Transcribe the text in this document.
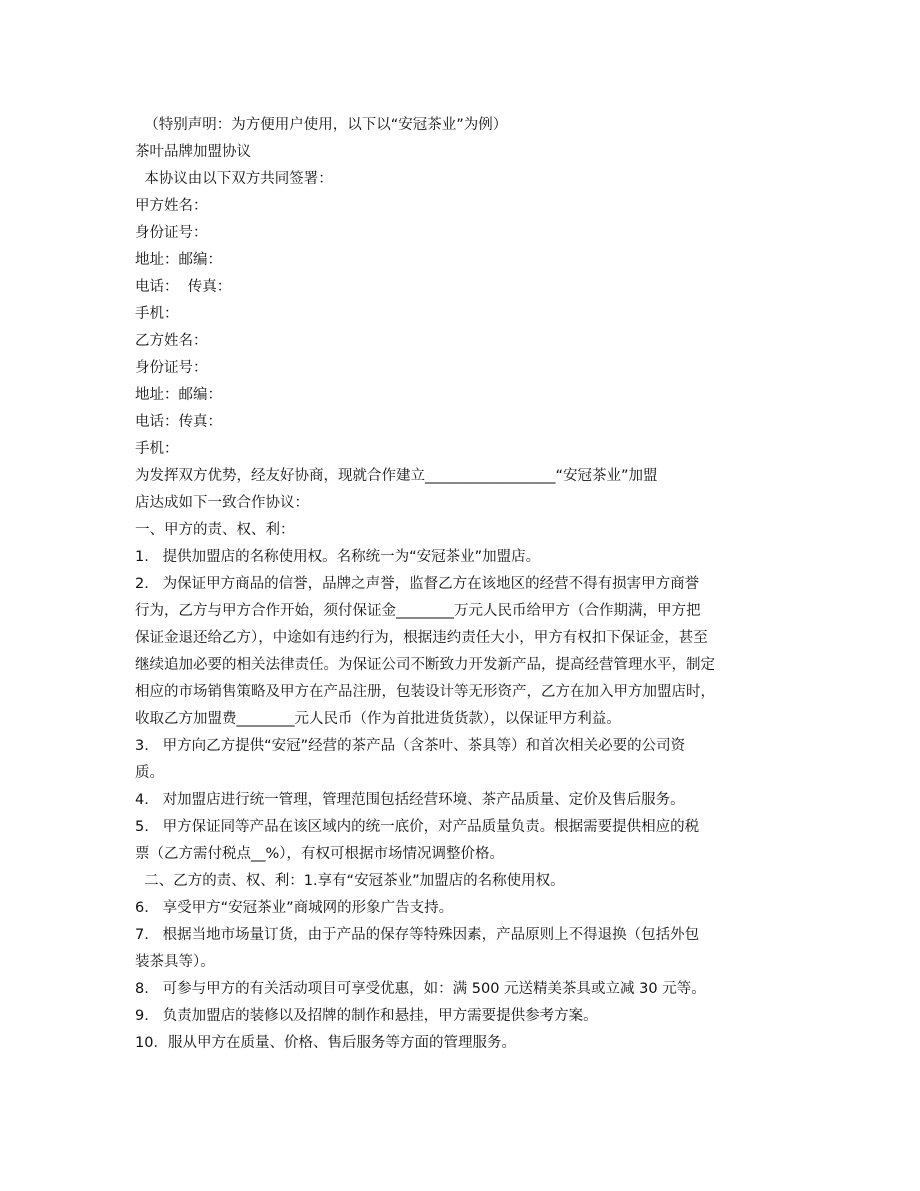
（特别声明：为方便用户使用，以下以“安冠茶业”为例）
茶叶品牌加盟协议
本协议由以下双方共同签署：
甲方姓名：
身份证号：
地址：邮编：
电话：  传真：
手机：
乙方姓名：
身份证号：
地址：邮编：
电话：传真：
手机：
为发挥双方优势，经友好协商，现就合作建立__________________“安冠茶业”加盟
店达成如下一致合作协议：
一、甲方的责、权、利：
1.   提供加盟店的名称使用权。名称统一为“安冠茶业”加盟店。
2.   为保证甲方商品的信誉，品牌之声誉，监督乙方在该地区的经营不得有损害甲方商誉
行为，乙方与甲方合作开始，须付保证金________万元人民币给甲方（合作期满，甲方把
保证金退还给乙方），中途如有违约行为，根据违约责任大小，甲方有权扣下保证金，甚至
继续追加必要的相关法律责任。为保证公司不断致力开发新产品，提高经营管理水平，制定
相应的市场销售策略及甲方在产品注册，包装设计等无形资产，乙方在加入甲方加盟店时，
收取乙方加盟费________元人民币（作为首批进货货款），以保证甲方利益。
3.   甲方向乙方提供“安冠”经营的茶产品（含茶叶、茶具等）和首次相关必要的公司资
质。
4.   对加盟店进行统一管理，管理范围包括经营环境、茶产品质量、定价及售后服务。
5.   甲方保证同等产品在该区域内的统一底价，对产品质量负责。根据需要提供相应的税
票（乙方需付税点__%），有权可根据市场情况调整价格。
二、乙方的责、权、利：1.享有“安冠茶业”加盟店的名称使用权。
6.   享受甲方“安冠茶业”商城网的形象广告支持。
7.   根据当地市场量订货，由于产品的保存等特殊因素，产品原则上不得退换（包括外包
装茶具等）。
8.   可参与甲方的有关活动项目可享受优惠，如：满 500 元送精美茶具或立减 30 元等。
9.   负责加盟店的装修以及招牌的制作和悬挂，甲方需要提供参考方案。
10．服从甲方在质量、价格、售后服务等方面的管理服务。
